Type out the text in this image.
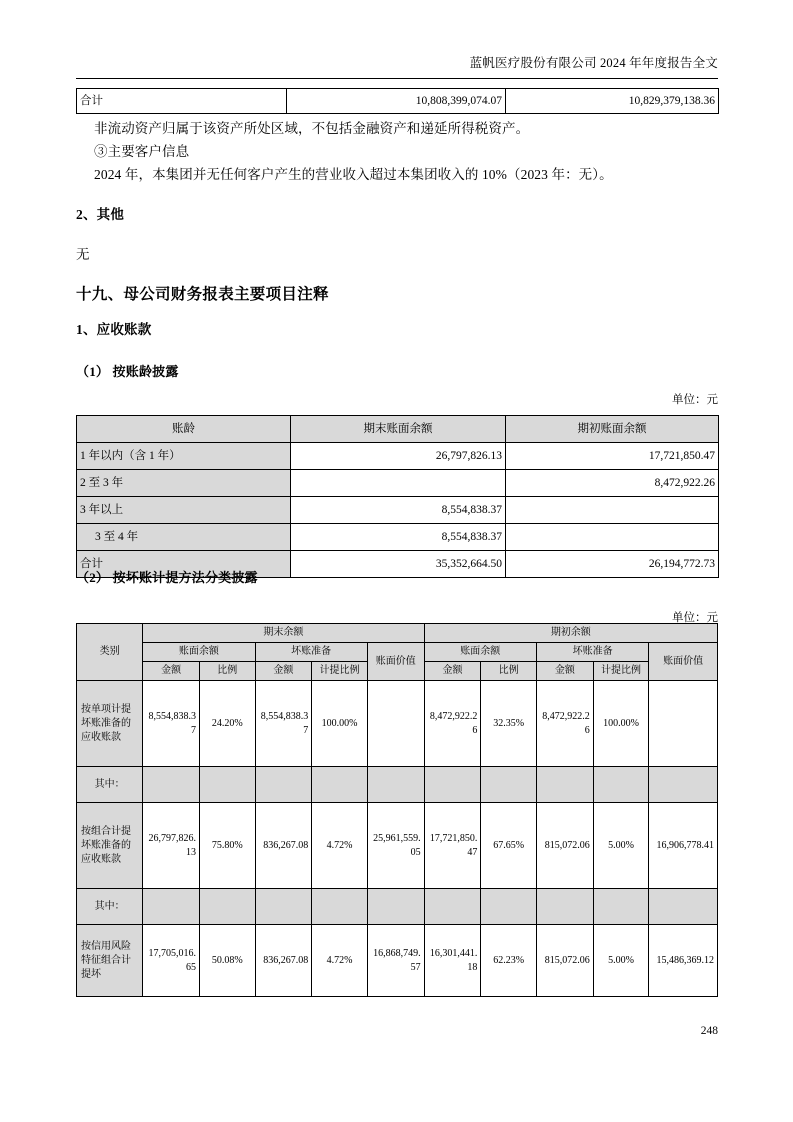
蓝帆医疗股份有限公司 2024 年年度报告全文
合计	10,808,399,074.07	10,829,379,138.36
非流动资产归属于该资产所处区域，不包括金融资产和递延所得税资产。
③主要客户信息
2024 年，本集团并无任何客户产生的营业收入超过本集团收入的 10%（2023 年：无）。
2、其他
无
十九、母公司财务报表主要项目注释
1、应收账款
（1） 按账龄披露
单位：元
账龄	期末账面余额	期初账面余额
1 年以内（含 1 年）	26,797,826.13	17,721,850.47
2 至 3 年		8,472,922.26
3 年以上	8,554,838.37	
3 至 4 年	8,554,838.37	
合计	35,352,664.50	26,194,772.73
（2） 按坏账计提方法分类披露
单位：元
类别	期末余额					期初余额				
	账面余额		坏账准备		账面价值	账面余额		坏账准备		账面价值
	金额	比例	金额	计提比例		金额	比例	金额	计提比例	
按单项计提坏账准备的应收账款	8,554,838.37	24.20%	8,554,838.37	100.00%		8,472,922.26	32.35%	8,472,922.26	100.00%	
其中：										
按组合计提坏账准备的应收账款	26,797,826.13	75.80%	836,267.08	4.72%	25,961,559.05	17,721,850.47	67.65%	815,072.06	5.00%	16,906,778.41
其中：										
按信用风险特征组合计提坏	17,705,016.65	50.08%	836,267.08	4.72%	16,868,749.57	16,301,441.18	62.23%	815,072.06	5.00%	15,486,369.12
248
